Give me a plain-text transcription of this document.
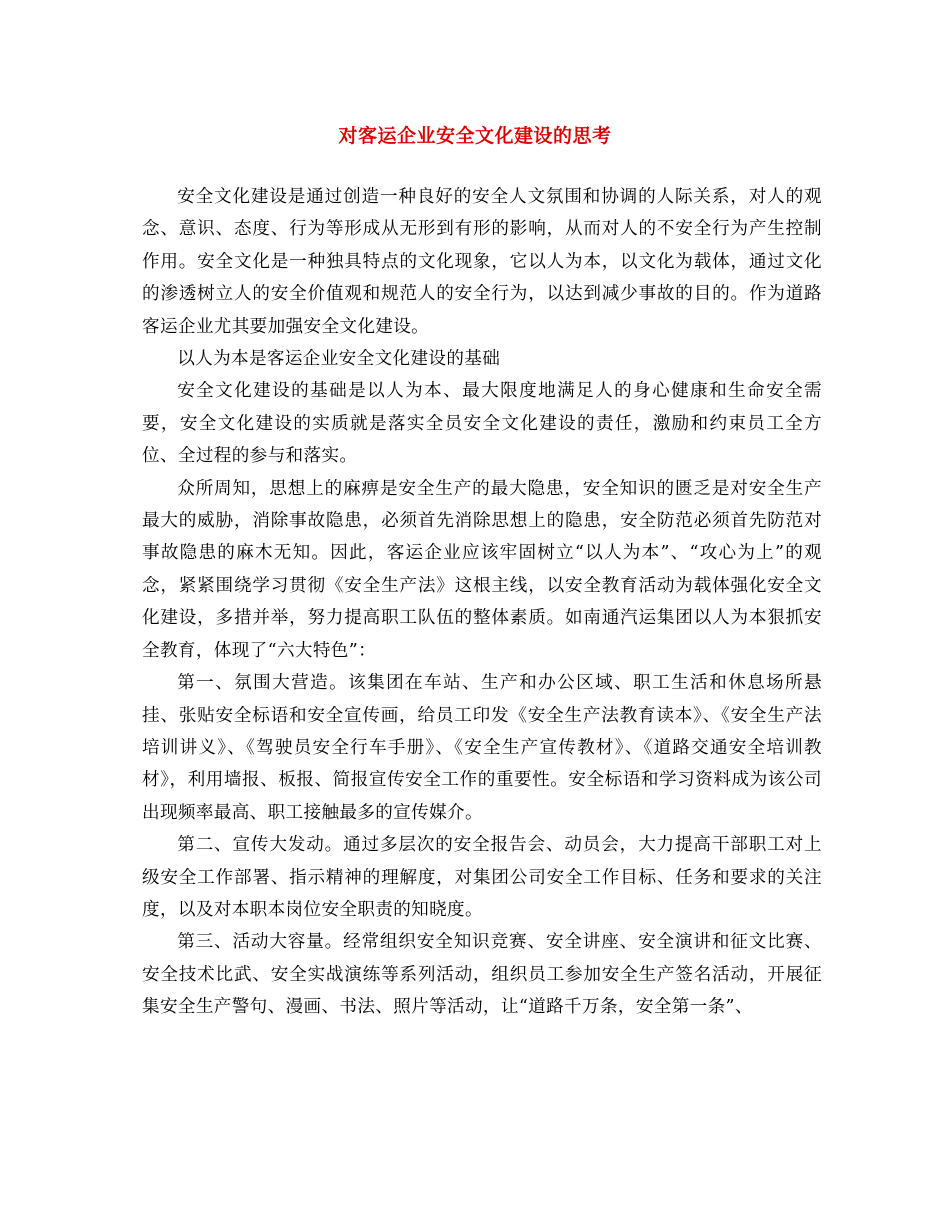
对客运企业安全文化建设的思考

安全文化建设是通过创造一种良好的安全人文氛围和协调的人际关系，对人的观念、意识、态度、行为等形成从无形到有形的影响，从而对人的不安全行为产生控制作用。安全文化是一种独具特点的文化现象，它以人为本，以文化为载体，通过文化的渗透树立人的安全价值观和规范人的安全行为，以达到减少事故的目的。作为道路客运企业尤其要加强安全文化建设。

以人为本是客运企业安全文化建设的基础

安全文化建设的基础是以人为本、最大限度地满足人的身心健康和生命安全需要，安全文化建设的实质就是落实全员安全文化建设的责任，激励和约束员工全方位、全过程的参与和落实。

众所周知，思想上的麻痹是安全生产的最大隐患，安全知识的匮乏是对安全生产最大的威胁，消除事故隐患，必须首先消除思想上的隐患，安全防范必须首先防范对事故隐患的麻木无知。因此，客运企业应该牢固树立“以人为本”、“攻心为上”的观念，紧紧围绕学习贯彻《安全生产法》这根主线，以安全教育活动为载体强化安全文化建设，多措并举，努力提高职工队伍的整体素质。如南通汽运集团以人为本狠抓安全教育，体现了“六大特色”：

第一、氛围大营造。该集团在车站、生产和办公区域、职工生活和休息场所悬挂、张贴安全标语和安全宣传画，给员工印发《安全生产法教育读本》、《安全生产法培训讲义》、《驾驶员安全行车手册》、《安全生产宣传教材》、《道路交通安全培训教材》，利用墙报、板报、简报宣传安全工作的重要性。安全标语和学习资料成为该公司出现频率最高、职工接触最多的宣传媒介。

第二、宣传大发动。通过多层次的安全报告会、动员会，大力提高干部职工对上级安全工作部署、指示精神的理解度，对集团公司安全工作目标、任务和要求的关注度，以及对本职本岗位安全职责的知晓度。

第三、活动大容量。经常组织安全知识竞赛、安全讲座、安全演讲和征文比赛、安全技术比武、安全实战演练等系列活动，组织员工参加安全生产签名活动，开展征集安全生产警句、漫画、书法、照片等活动，让“道路千万条，安全第一条”、
